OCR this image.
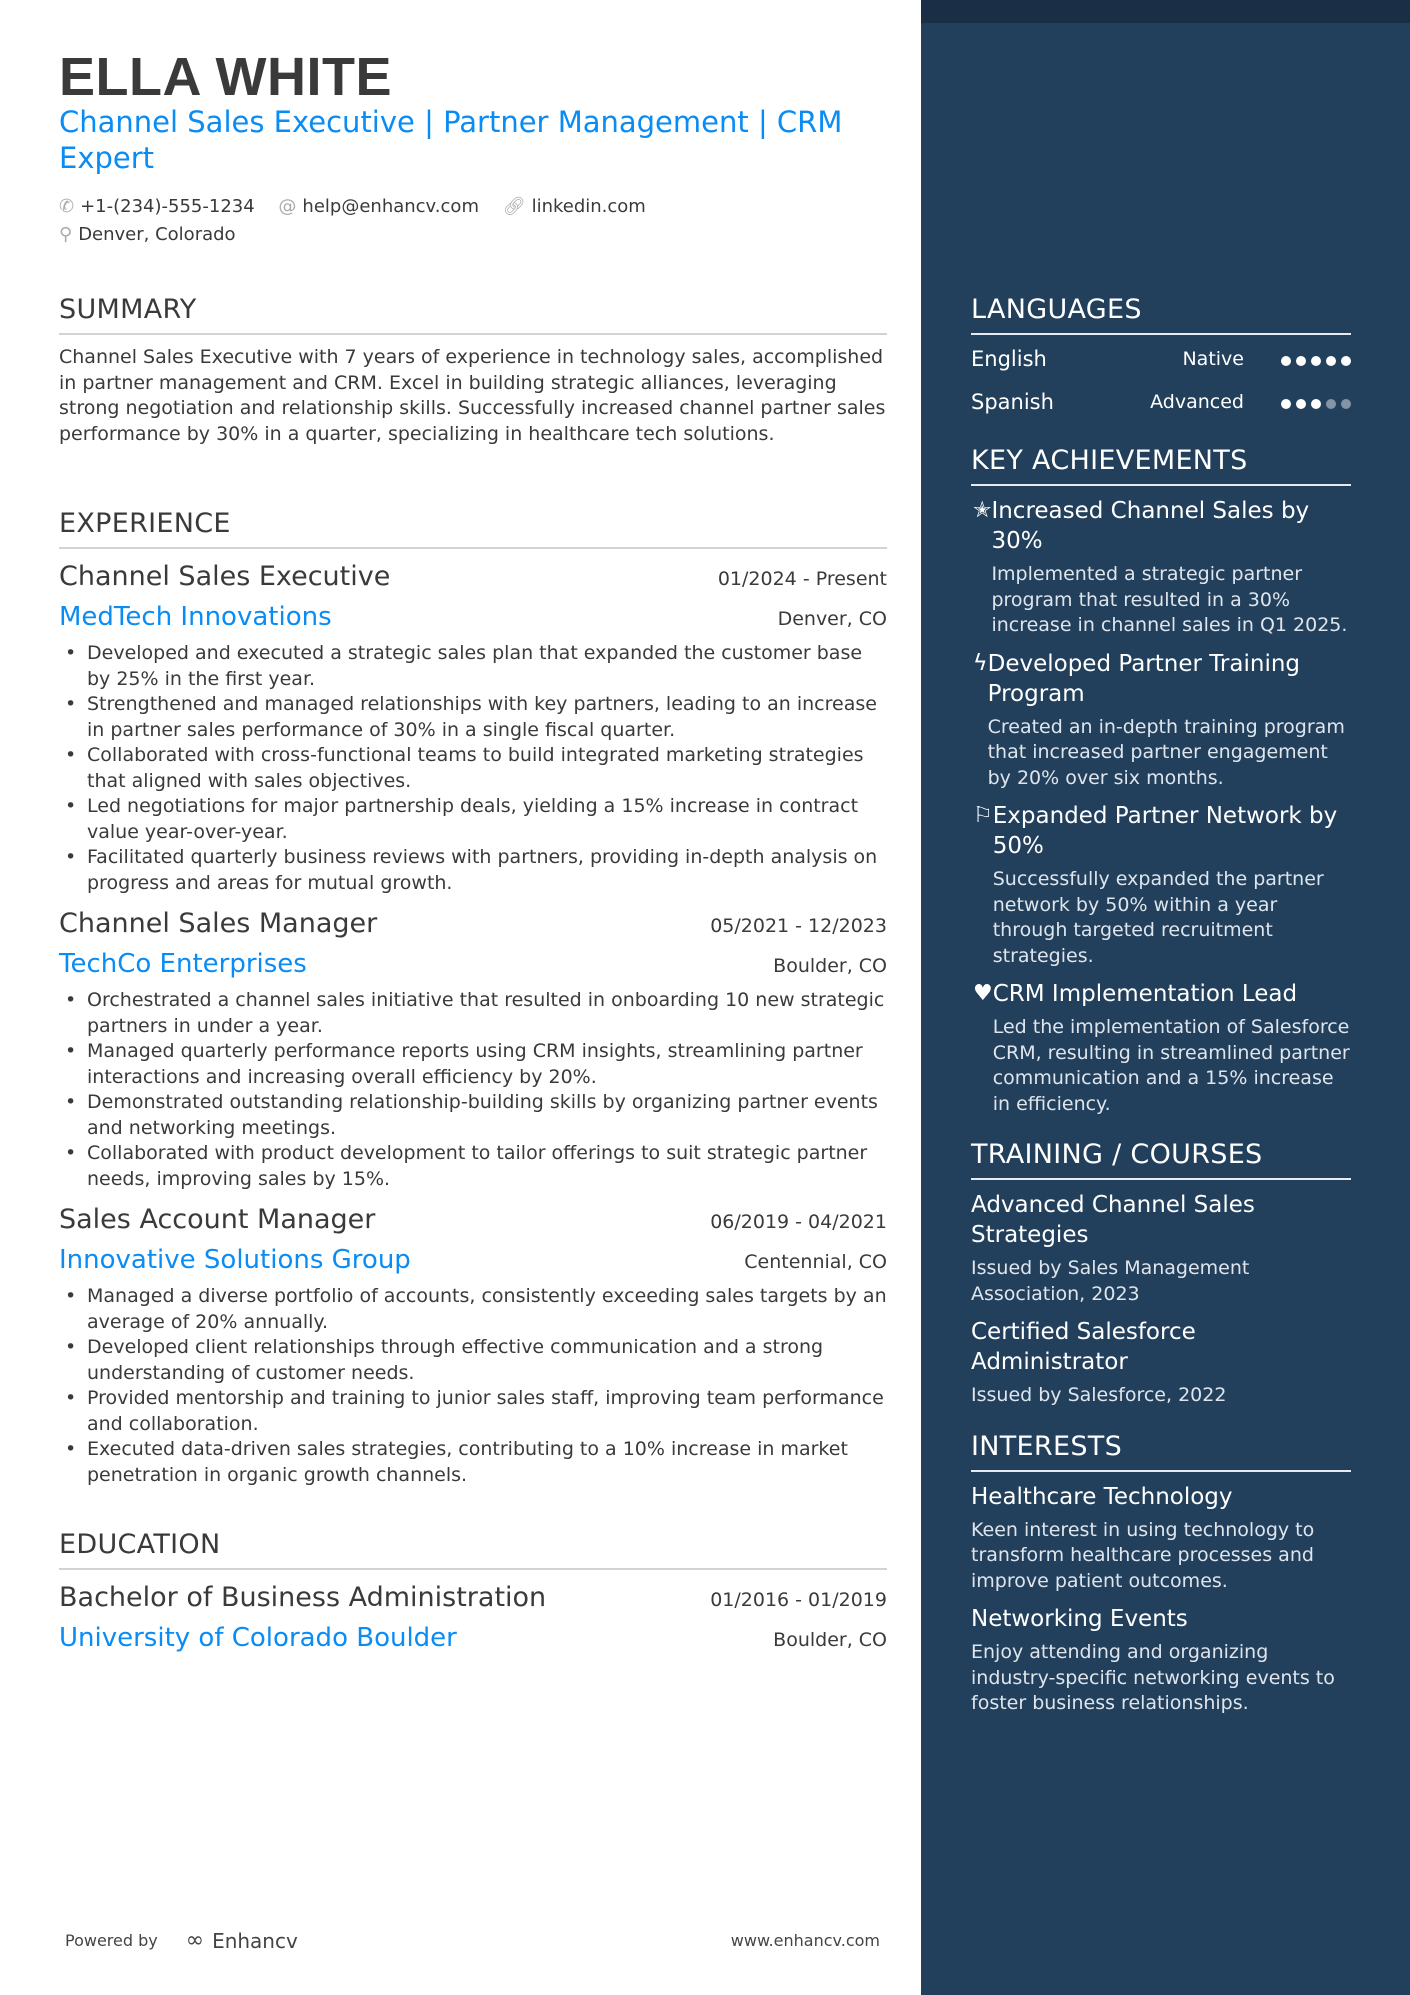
ELLA WHITE
Channel Sales Executive | Partner Management | CRM Expert
✆ +1-(234)-555-1234 @ help@enhancv.com 🔗︎ linkedin.com
⚲ Denver, Colorado
SUMMARY
Channel Sales Executive with 7 years of experience in technology sales, accomplished in partner management and CRM. Excel in building strategic alliances, leveraging strong negotiation and relationship skills. Successfully increased channel partner sales performance by 30% in a quarter, specializing in healthcare tech solutions.
EXPERIENCE
Channel Sales Executive	01/2024 - Present
MedTech Innovations	Denver, CO
• Developed and executed a strategic sales plan that expanded the customer base by 25% in the first year.
• Strengthened and managed relationships with key partners, leading to an increase in partner sales performance of 30% in a single fiscal quarter.
• Collaborated with cross-functional teams to build integrated marketing strategies that aligned with sales objectives.
• Led negotiations for major partnership deals, yielding a 15% increase in contract value year-over-year.
• Facilitated quarterly business reviews with partners, providing in-depth analysis on progress and areas for mutual growth.
Channel Sales Manager	05/2021 - 12/2023
TechCo Enterprises	Boulder, CO
• Orchestrated a channel sales initiative that resulted in onboarding 10 new strategic partners in under a year.
• Managed quarterly performance reports using CRM insights, streamlining partner interactions and increasing overall efficiency by 20%.
• Demonstrated outstanding relationship-building skills by organizing partner events and networking meetings.
• Collaborated with product development to tailor offerings to suit strategic partner needs, improving sales by 15%.
Sales Account Manager	06/2019 - 04/2021
Innovative Solutions Group	Centennial, CO
• Managed a diverse portfolio of accounts, consistently exceeding sales targets by an average of 20% annually.
• Developed client relationships through effective communication and a strong understanding of customer needs.
• Provided mentorship and training to junior sales staff, improving team performance and collaboration.
• Executed data-driven sales strategies, contributing to a 10% increase in market penetration in organic growth channels.
EDUCATION
Bachelor of Business Administration	01/2016 - 01/2019
University of Colorado Boulder	Boulder, CO
LANGUAGES
English	Native
Spanish	Advanced
KEY ACHIEVEMENTS
✭ Increased Channel Sales by 30%
Implemented a strategic partner program that resulted in a 30% increase in channel sales in Q1 2025.
ϟ Developed Partner Training Program
Created an in-depth training program that increased partner engagement by 20% over six months.
⚐ Expanded Partner Network by 50%
Successfully expanded the partner network by 50% within a year through targeted recruitment strategies.
♥ CRM Implementation Lead
Led the implementation of Salesforce CRM, resulting in streamlined partner communication and a 15% increase in efficiency.
TRAINING / COURSES
Advanced Channel Sales Strategies
Issued by Sales Management Association, 2023
Certified Salesforce Administrator
Issued by Salesforce, 2022
INTERESTS
Healthcare Technology
Keen interest in using technology to transform healthcare processes and improve patient outcomes.
Networking Events
Enjoy attending and organizing industry-specific networking events to foster business relationships.
Powered by ∞ Enhancv	www.enhancv.com
